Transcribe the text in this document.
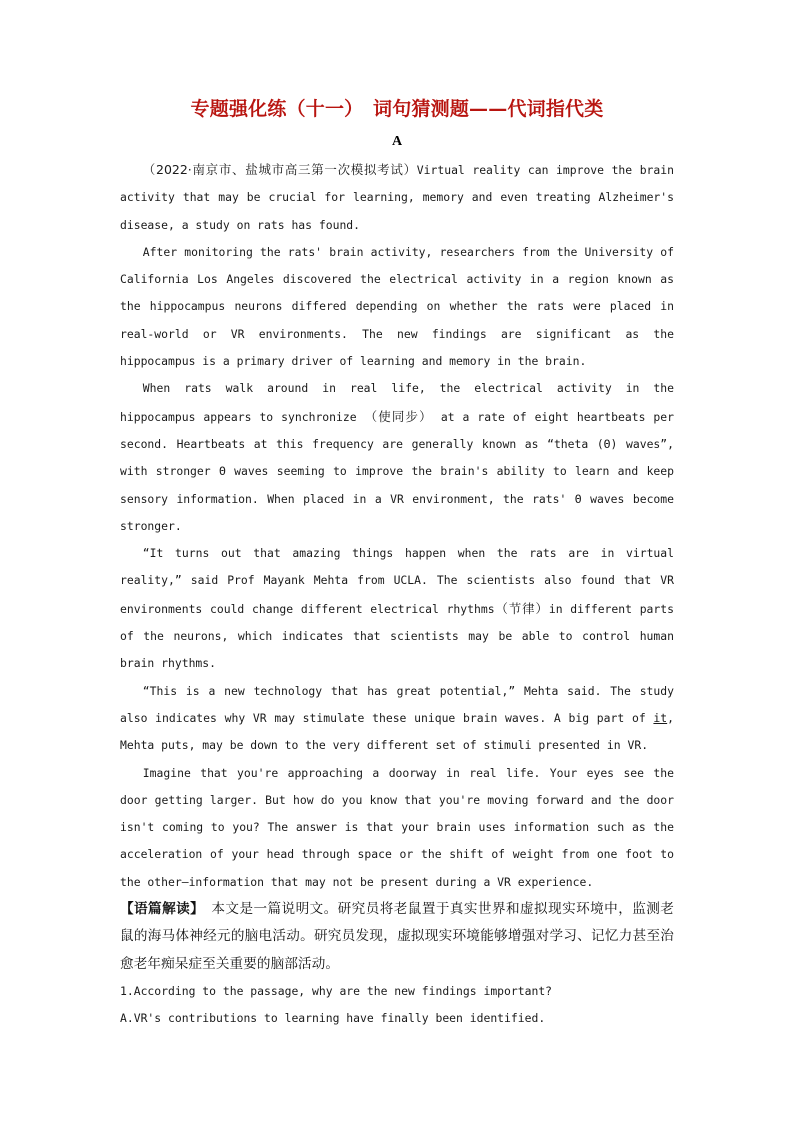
专题强化练（十一）　词句猜测题——代词指代类
A

（2022·南京市、盐城市高三第一次模拟考试）Virtual reality can improve the brain activity that may be crucial for learning, memory and even treating Alzheimer's disease, a study on rats has found.

After monitoring the rats' brain activity, researchers from the University of California Los Angeles discovered the electrical activity in a region known as the hippocampus neurons differed depending on whether the rats were placed in real-world or VR environments. The new findings are significant as the hippocampus is a primary driver of learning and memory in the brain.

When rats walk around in real life, the electrical activity in the hippocampus appears to synchronize （使同步） at a rate of eight heartbeats per second. Heartbeats at this frequency are generally known as “theta (Θ) waves”, with stronger Θ waves seeming to improve the brain's ability to learn and keep sensory information. When placed in a VR environment, the rats' Θ waves become stronger.

“It turns out that amazing things happen when the rats are in virtual reality,” said Prof Mayank Mehta from UCLA. The scientists also found that VR environments could change different electrical rhythms（节律）in different parts of the neurons, which indicates that scientists may be able to control human brain rhythms.

“This is a new technology that has great potential,” Mehta said. The study also indicates why VR may stimulate these unique brain waves. A big part of it, Mehta puts, may be down to the very different set of stimuli presented in VR.

Imagine that you're approaching a doorway in real life. Your eyes see the door getting larger. But how do you know that you're moving forward and the door isn't coming to you? The answer is that your brain uses information such as the acceleration of your head through space or the shift of weight from one foot to the other—information that may not be present during a VR experience.

【语篇解读】　 本文是一篇说明文。研究员将老鼠置于真实世界和虚拟现实环境中，监测老鼠的海马体神经元的脑电活动。研究员发现，虚拟现实环境能够增强对学习、记忆力甚至治愈老年痴呆症至关重要的脑部活动。

1.According to the passage, why are the new findings important?

A.VR's contributions to learning have finally been identified.
